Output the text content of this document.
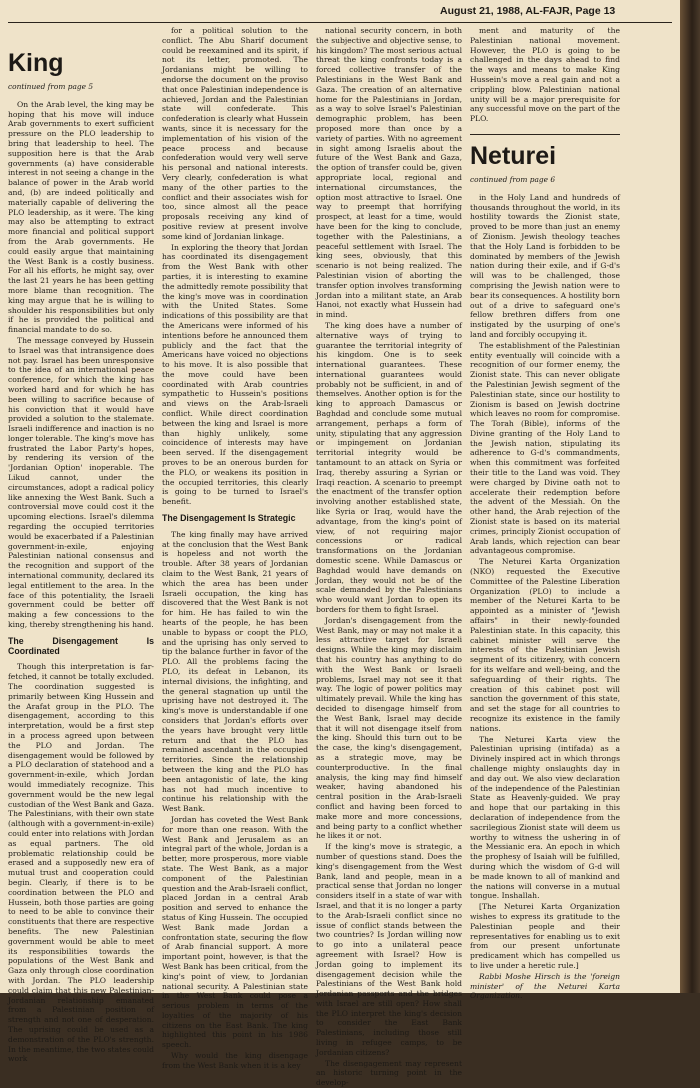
August 21, 1988, AL-FAJR, Page 13
King
continued from page 5

On the Arab level, the king may be hoping that his move will induce Arab governments to exert sufficient pressure on the PLO leadership to bring that leadership to heel. The supposition here is that the Arab governments (a) have considerable interest in not seeing a change in the balance of power in the Arab world and, (b) are indeed politically and materially capable of delivering the PLO leadership, as it were. The king may also be attempting to extract more financial and political support from the Arab governments. He could easily argue that maintaining the West Bank is a costly business. For all his efforts, he might say, over the last 21 years he has been getting more blame than recognition. The king may argue that he is willing to shoulder his responsibilities but only if he is provided the political and financial mandate to do so.

The message conveyed by Hussein to Israel was that intransigence does not pay. Israel has been unresponsive to the idea of an international peace conference, for which the king has worked hard and for which he has been willing to sacrifice because of his conviction that it would have provided a solution to the stalemate. Israeli indifference and inaction is no longer tolerable. The king's move has frustrated the Labor Party's hopes, by rendering its version of the 'Jordanian Option' inoperable. The Likud cannot, under the circumstances, adopt a radical policy like annexing the West Bank. Such a controversial move could cost it the upcoming elections. Israel's dilemma regarding the occupied territories would be exacerbated if a Palestinian government-in-exile, enjoying Palestinian national consensus and the recognition and support of the international community, declared its legal entitlement to the area. In the face of this potentiality, the Israeli government could be better off making a few concessions to the king, thereby strengthening his hand.

The Disengagement Is Coordinated

Though this interpretation is far-fetched, it cannot be totally excluded. The coordination suggested is primarily between King Hussein and the Arafat group in the PLO. The disengagement, according to this interpretation, would be a first step in a process agreed upon between the PLO and Jordan. The disengagement would be followed by a PLO declaration of statehood and a government-in-exile, which Jordan would immediately recognize. This government would be the new legal custodian of the West Bank and Gaza. The Palestinians, with their own state (although with a government-in-exile) could enter into relations with Jordan as equal partners. The old problematic relationship could be erased and a supposedly new era of mutual trust and cooperation could begin. Clearly, if there is to be coordination between the PLO and Hussein, both those parties are going to need to be able to convince their constituents that there are respective benefits. The new Palestinian government would be able to meet its responsibilities towards the populations of the West Bank and Gaza only through close coordination with Jordan. The PLO leadership could claim that this new Palestinian-Jordanian relationship emanated from a Palestinian position of strength and not one of desperation. The uprising could be used as a demonstration of the PLO's strength. In the meantime, the two states could work

for a political solution to the conflict. The Abu Sharif document could be reexamined and its spirit, if not its letter, promoted. The Jordanians might be willing to endorse the document on the proviso that once Palestinian independence is achieved, Jordan and the Palestinian state will confederate. This confederation is clearly what Hussein wants, since it is necessary for the implementation of his vision of the peace process and because confederation would very well serve his personal and national interests. Very clearly, confederation is what many of the other parties to the conflict and their associates wish for too, since almost all the peace proposals receiving any kind of positive review at present involve some kind of Jordanian linkage.

In exploring the theory that Jordan has coordinated its disengagement from the West Bank with other parties, it is interesting to examine the admittedly remote possibility that the king's move was in coordination with the United States. Some indications of this possibility are that the Americans were informed of his intentions before he announced them publicly and the fact that the Americans have voiced no objections to his move. It is also possible that the move could have been coordinated with Arab countries sympathetic to Hussein's positions and views on the Arab-Israeli conflict. While direct coordination between the king and Israel is more than highly unlikely, some coincidence of interests may have been served. If the disengagement proves to be an onerous burden for the PLO, or weakens its position in the occupied territories, this clearly is going to be turned to Israel's benefit.

The Disengagement Is Strategic

The king finally may have arrived at the conclusion that the West Bank is hopeless and not worth the trouble. After 38 years of Jordanian claim to the West Bank, 21 years of which the area has been under Israeli occupation, the king has discovered that the West Bank is not for him. He has failed to win the hearts of the people, he has been unable to bypass or coopt the PLO, and the uprising has only served to tip the balance further in favor of the PLO. All the problems facing the PLO, its defeat in Lebanon, its internal divisions, the infighting, and the general stagnation up until the uprising have not destroyed it. The king's move is understandable if one considers that Jordan's efforts over the years have brought very little return and that the PLO has remained ascendant in the occupied territories. Since the relationship between the king and the PLO has been antagonistic of late, the king has not had much incentive to continue his relationship with the West Bank.

Jordan has coveted the West Bank for more than one reason. With the West Bank and Jerusalem as an integral part of the whole, Jordan is a better, more prosperous, more viable state. The West Bank, as a major component of the Palestinian question and the Arab-Israeli conflict, placed Jordan in a central Arab position and served to enhance the status of King Hussein. The occupied West Bank made Jordan a confrontation state, securing the flow of Arab financial support. A more important point, however, is that the West Bank has been critical, from the king's point of view, to Jordanian national security. A Palestinian state in the West Bank could pose a serious problem in terms of the loyalties of the majority of his citizens on the East Bank. The king highlighted this point in his 1986 speech.

Why would the king disengage from the West Bank when it is a key

national security concern, in both the subjective and objective sense, to his kingdom? The most serious actual threat the king confronts today is a forced collective transfer of the Palestinians in the West Bank and Gaza. The creation of an alternative home for the Palestinians in Jordan, as a way to solve Israel's Palestinian demographic problem, has been proposed more than once by a variety of parties. With no agreement in sight among Israelis about the future of the West Bank and Gaza, the option of transfer could be, given appropriate local, regional and international circumstances, the option most attractive to Israel. One way to preempt that horrifying prospect, at least for a time, would have been for the king to conclude, together with the Palestinians, a peaceful settlement with Israel. The king sees, obviously, that this scenario is not being realized. The Palestinian vision of aborting the transfer option involves transforming Jordan into a militant state, an Arab Hanoi, not exactly what Hussein had in mind.

The king does have a number of alternative ways of trying to guarantee the territorial integrity of his kingdom. One is to seek international guarantees. These international guarantees would probably not be sufficient, in and of themselves. Another option is for the king to approach Damascus or Baghdad and conclude some mutual arrangement, perhaps a form of unity, stipulating that any aggression or impingement on Jordanian territorial integrity would be tantamount to an attack on Syria or Iraq, thereby assuring a Syrian or Iraqi reaction. A scenario to preempt the enactment of the transfer option involving another established state, like Syria or Iraq, would have the advantage, from the king's point of view, of not requiring major concessions or radical transformations on the Jordanian domestic scene. While Damascus or Baghdad would have demands on Jordan, they would not be of the scale demanded by the Palestinians who would want Jordan to open its borders for them to fight Israel.

Jordan's disengagement from the West Bank, may or may not make it a less attractive target for Israeli designs. While the king may disclaim that his country has anything to do with the West Bank or Israeli problems, Israel may not see it that way. The logic of power politics may ultimately prevail. While the king has decided to disengage himself from the West Bank, Israel may decide that it will not disengage itself from the king. Should this turn out to be the case, the king's disengagement, as a strategic move, may be counterproductive. In the final analysis, the king may find himself weaker, having abandoned his central position in the Arab-Israeli conflict and having been forced to make more and more concessions, and being party to a conflict whether he likes it or not.

If the king's move is strategic, a number of questions stand. Does the king's disengagement from the West Bank, land and people, mean in a practical sense that Jordan no longer considers itself in a state of war with Israel, and that it is no longer a party to the Arab-Israeli conflict since no issue of conflict stands between the two countries? Is Jordan willing now to go into a unilateral peace agreement with Israel? How is Jordan going to implement its disengagement decision while the Palestinians of the West Bank hold Jordanian passports and the bridges with Israel are still open? How shall the PLO interpret the king's decision to consider the East Bank Palestinians, including those still living in refugee camps, to be Jordanian citizens?

The disengagement may represent an historic turning point in the develop-

ment and maturity of the Palestinian national movement. However, the PLO is going to be challenged in the days ahead to find the ways and means to make King Hussein's move a real gain and not a crippling blow. Palestinian national unity will be a major prerequisite for any successful move on the part of the PLO.

Neturei
continued from page 6

in the Holy Land and hundreds of thousands throughout the world, in its hostility towards the Zionist state, proved to be more than just an enemy of Zionism. Jewish theology teaches that the Holy Land is forbidden to be dominated by members of the Jewish nation during their exile, and if G-d's will was to be challenged, those comprising the Jewish nation were to bear its consequences. A hostility born out of a drive to safeguard one's fellow brethren differs from one instigated by the usurping of one's land and forcibly occupying it.

The establishment of the Palestinian entity eventually will coincide with a recognition of our former enemy, the Zionist state. This can never obligate the Palestinian Jewish segment of the Palestinian state, since our hostility to Zionism is based on Jewish doctrine which leaves no room for compromise. The Torah (Bible), informs of the Divine granting of the Holy Land to the Jewish nation, stipulating its adherence to G-d's commandments, when this commitment was forfeited their title to the Land was void. They were charged by Divine oath not to accelerate their redemption before the advent of the Messiah. On the other hand, the Arab rejection of the Zionist state is based on its material crimes, principly Zionist occupation of Arab lands, which rejection can bear advantageous compromise.

The Neturei Karta Organization (NKO) requested the Executive Committee of the Palestine Liberation Organization (PLO) to include a member of the Neturei Karta to be appointed as a minister of "Jewish affairs" in their newly-founded Palestinian state. In this capacity, this cabinet minister will serve the interests of the Palestinian Jewish segment of its citizenry, with concern for its welfare and well-being, and the safeguarding of their rights. The creation of this cabinet post will sanction the government of this state, and set the stage for all countries to recognize its existence in the family nations.

The Neturei Karta view the Palestinian uprising (intifada) as a Divinely inspired act in which throngs challenge mighty onslaughts day in and day out. We also view declaration of the independence of the Palestinian State as Heavenly-guided. We pray and hope that our partaking in this declaration of independence from the sacrilegious Zionist state will deem us worthy to witness the ushering in of the Messianic era. An epoch in which the prophesy of Isaiah will be fulfilled, during which the wisdom of G-d will be made known to all of mankind and the nations will converse in a mutual tongue. Inshallah.

[The Neturei Karta Organization wishes to express its gratitude to the Palestinian people and their representatives for enabling us to exit from our present unfortunate predicament which has compelled us to live under a heretic rule.]

Rabbi Moshe Hirsch is the 'foreign minister' of the Neturei Karta Organization.
